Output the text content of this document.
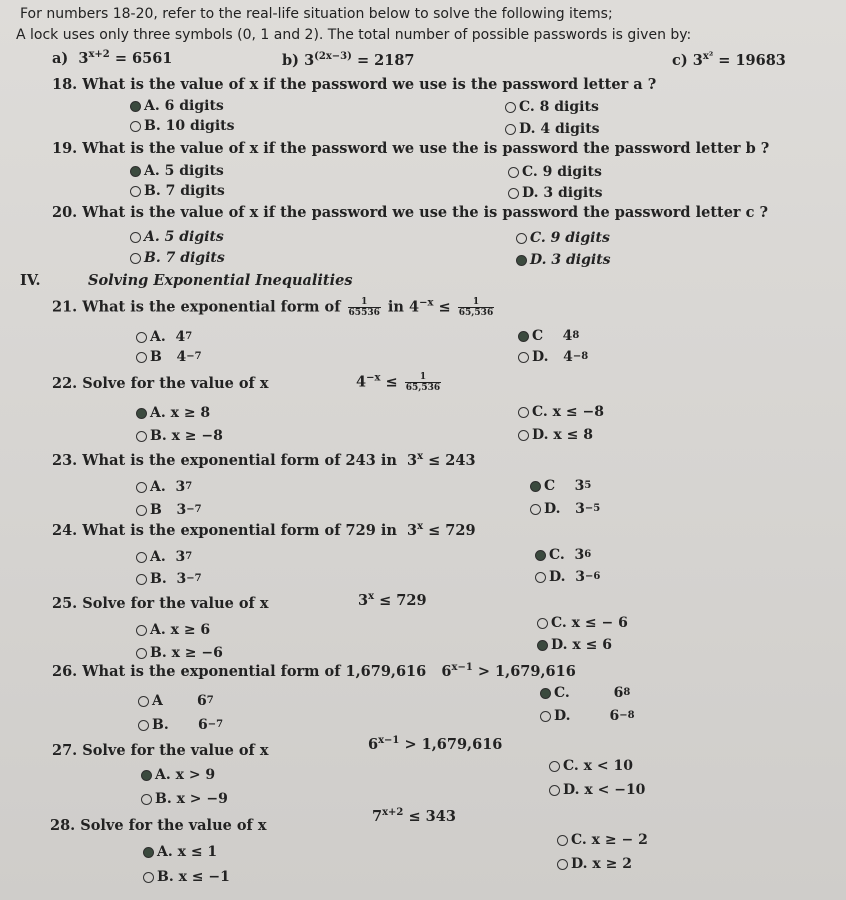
For numbers 18-20, refer to the real-life situation below to solve the following items;
A lock uses only three symbols (0, 1 and 2). The total number of possible passwords is given by:
a) $3^{x+2} = 6561$	b) $3^{(2x-3)} = 2187$	c) $3^{x^2} = 19683$
18. What is the value of x if the password we use is the password letter a ?
A. 6 digits
B. 10 digits
C. 8 digits
D. 4 digits
19. What is the value of x if the password we use the is password the password letter b ?
A. 5 digits
B. 7 digits
C. 9 digits
D. 3 digits
20. What is the value of x if the password we use the is password the password letter c ?
A. 5 digits
B. 7 digits
C. 9 digits
D. 3 digits
IV.	Solving Exponential Inequalities
21. What is the exponential form of $\frac{1}{65536}$ in $4^{-x} \le \frac{1}{65,536}$
A.
4 7
B
4 −7
C
4 8
D.
4 −8
22. Solve for the value of x	$4^{-x} \le \frac{1}{65,536}$
A. x ≥ 8
B. x ≥ −8
C. x ≤ −8
D. x ≤ 8
23. What is the exponential form of 243 in $3^x \le 243$
A.
3 7
B
3 −7
C
3 5
D.
3 −5
24. What is the exponential form of 729 in $3^x \le 729$
A.
3 7
B.
3 −7
C.
3 6
D.
3 −6
25. Solve for the value of x	$3^x \le 729$
A. x ≥ 6
B. x ≥ −6
C. x ≤ − 6
D. x ≤ 6
26. What is the exponential form of 1,679,616 $6^{x-1} > 1,679,616$
A
6 7
B.
6 −7
C.
	6 8
D.
	6 −8
27. Solve for the value of x	$6^{x-1} > 1,679,616$
A. x > 9
B. x > −9
C. x < 10
D. x < −10
28. Solve for the value of x
$7^{x+2} \le 343$
A. x ≤ 1
B. x ≤ −1
C. x ≥ − 2
D. x ≥ 2
